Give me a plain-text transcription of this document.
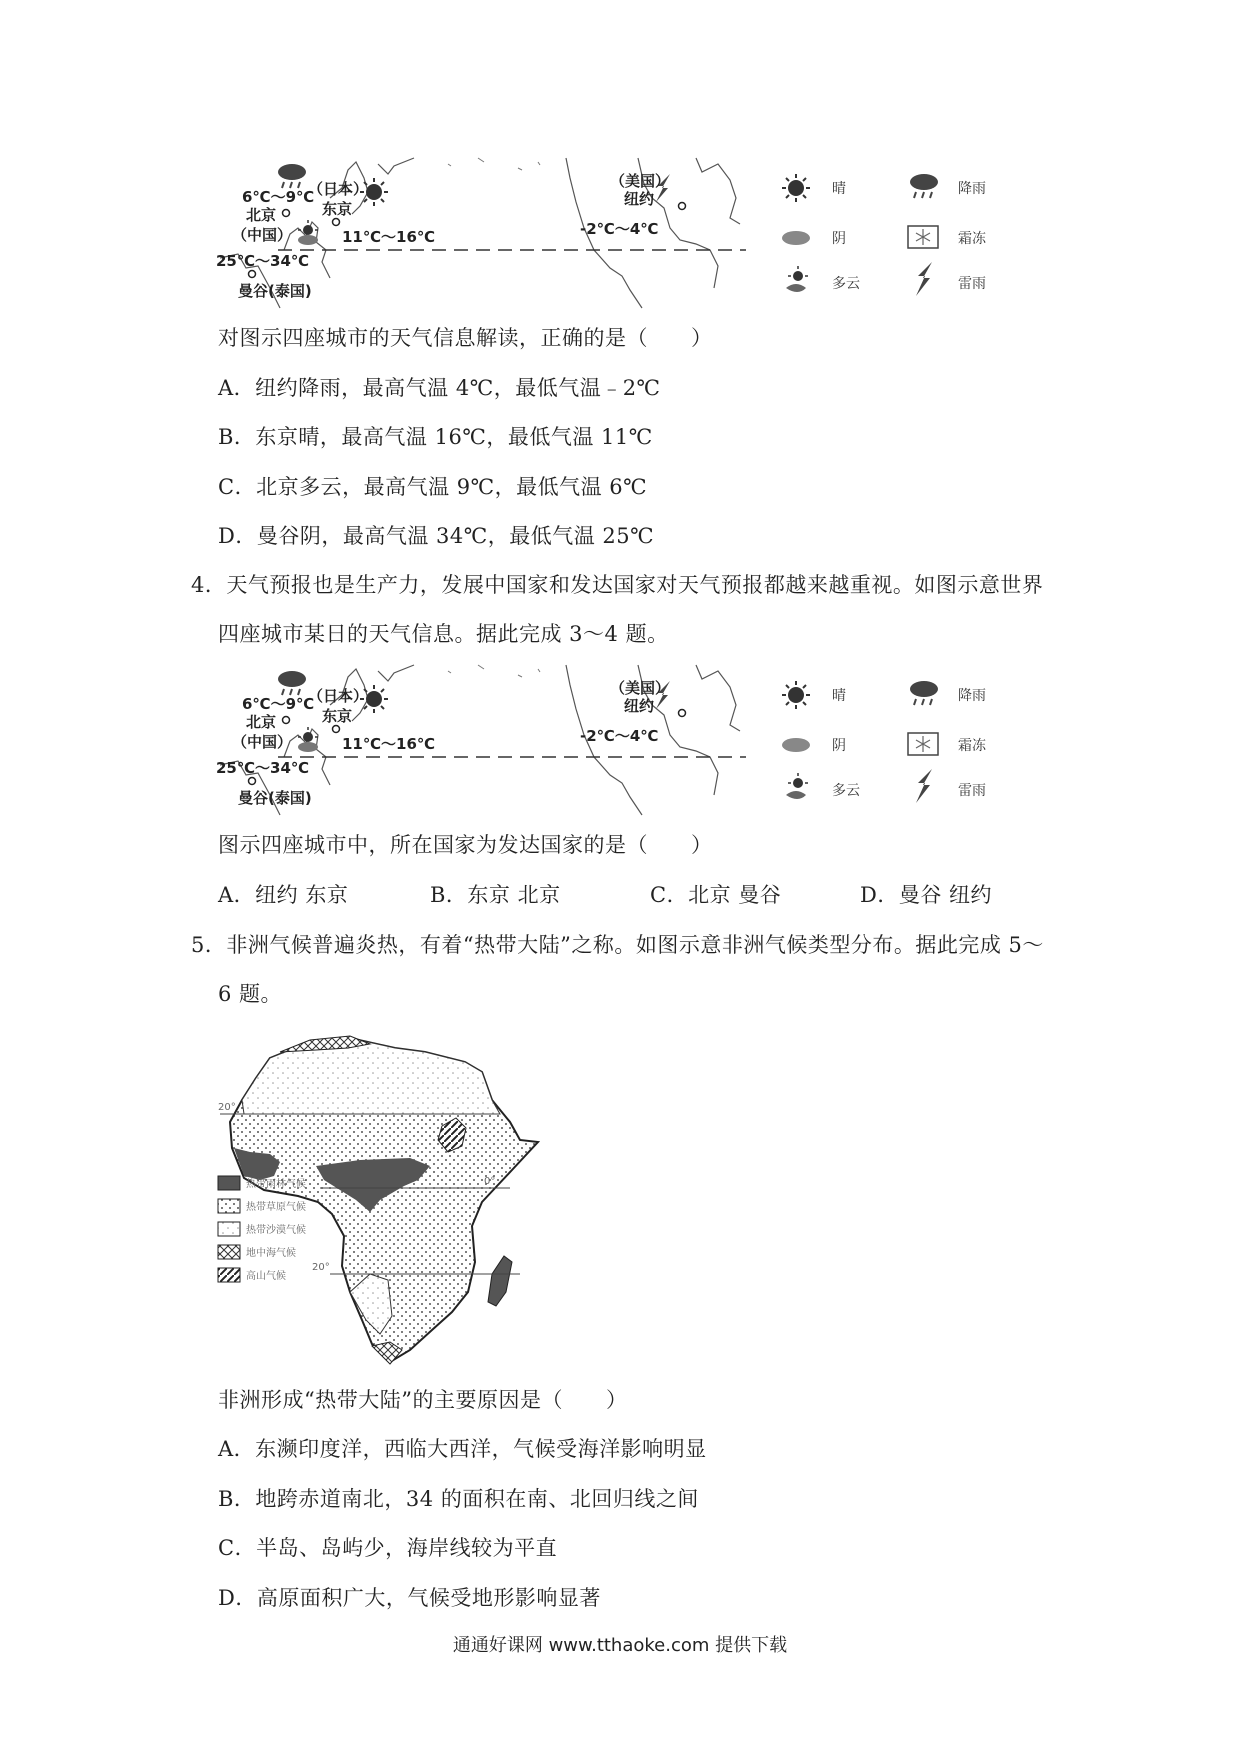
6℃～9℃
北京
（中国）
（日本）
东京
11℃～16℃
25℃～34℃
曼谷(泰国)
（美国）
纽约
-2℃～4℃
晴	降雨
阴	霜冻
多云	雷雨
对图示四座城市的天气信息解读，正确的是（　　）
A．纽约降雨，最高气温 4℃，最低气温﹣2℃
B．东京晴，最高气温 16℃，最低气温 11℃
C．北京多云，最高气温 9℃，最低气温 6℃
D．曼谷阴，最高气温 34℃，最低气温 25℃
4．天气预报也是生产力，发展中国家和发达国家对天气预报都越来越重视。如图示意世界
四座城市某日的天气信息。据此完成 3～4 题。
6℃～9℃
北京
（中国）
（日本）
东京
11℃～16℃
25℃～34℃
曼谷(泰国)
（美国）
纽约
-2℃～4℃
晴	降雨
阴	霜冻
多云	雷雨
图示四座城市中，所在国家为发达国家的是（　　）
A．纽约 东京	B．东京 北京	C．北京 曼谷	D．曼谷 纽约
5．非洲气候普遍炎热，有着“热带大陆”之称。如图示意非洲气候类型分布。据此完成 5～
6 题。
20°
0°
20°
热带雨林气候
热带草原气候
热带沙漠气候
地中海气候
高山气候
非洲形成“热带大陆”的主要原因是（　　）
A．东濒印度洋，西临大西洋，气候受海洋影响明显
B．地跨赤道南北，34 的面积在南、北回归线之间
C．半岛、岛屿少，海岸线较为平直
D．高原面积广大，气候受地形影响显著
通通好课网 www.tthaoke.com 提供下载
